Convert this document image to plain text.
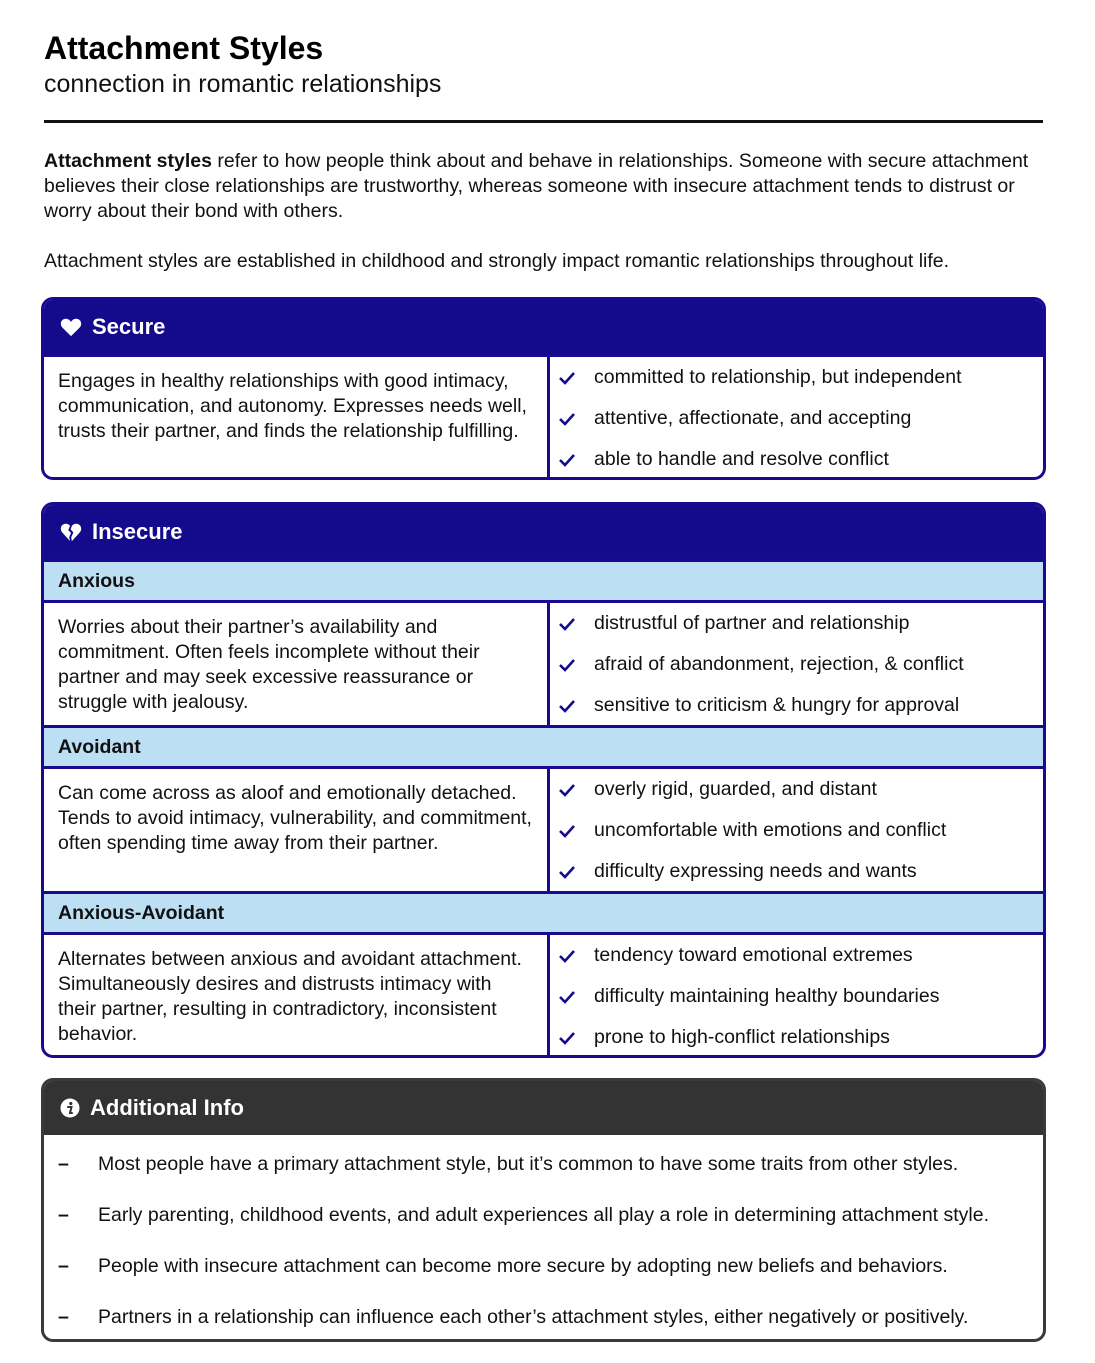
Attachment Styles
connection in romantic relationships
Attachment styles refer to how people think about and behave in relationships. Someone with secure attachment believes their close relationships are trustworthy, whereas someone with insecure attachment tends to distrust or worry about their bond with others.
Attachment styles are established in childhood and strongly impact romantic relationships throughout life.
Secure
Engages in healthy relationships with good intimacy, communication, and autonomy. Expresses needs well, trusts their partner, and finds the relationship fulfilling.
committed to relationship, but independent
attentive, affectionate, and accepting
able to handle and resolve conflict
Insecure
Anxious
Worries about their partner’s availability and commitment. Often feels incomplete without their partner and may seek excessive reassurance or struggle with jealousy.
distrustful of partner and relationship
afraid of abandonment, rejection, & conflict
sensitive to criticism & hungry for approval
Avoidant
Can come across as aloof and emotionally detached. Tends to avoid intimacy, vulnerability, and commitment, often spending time away from their partner.
overly rigid, guarded, and distant
uncomfortable with emotions and conflict
difficulty expressing needs and wants
Anxious-Avoidant
Alternates between anxious and avoidant attachment. Simultaneously desires and distrusts intimacy with their partner, resulting in contradictory, inconsistent behavior.
tendency toward emotional extremes
difficulty maintaining healthy boundaries
prone to high-conflict relationships
Additional Info
–	Most people have a primary attachment style, but it’s common to have some traits from other styles.
–	Early parenting, childhood events, and adult experiences all play a role in determining attachment style.
–	People with insecure attachment can become more secure by adopting new beliefs and behaviors.
–	Partners in a relationship can influence each other’s attachment styles, either negatively or positively.
